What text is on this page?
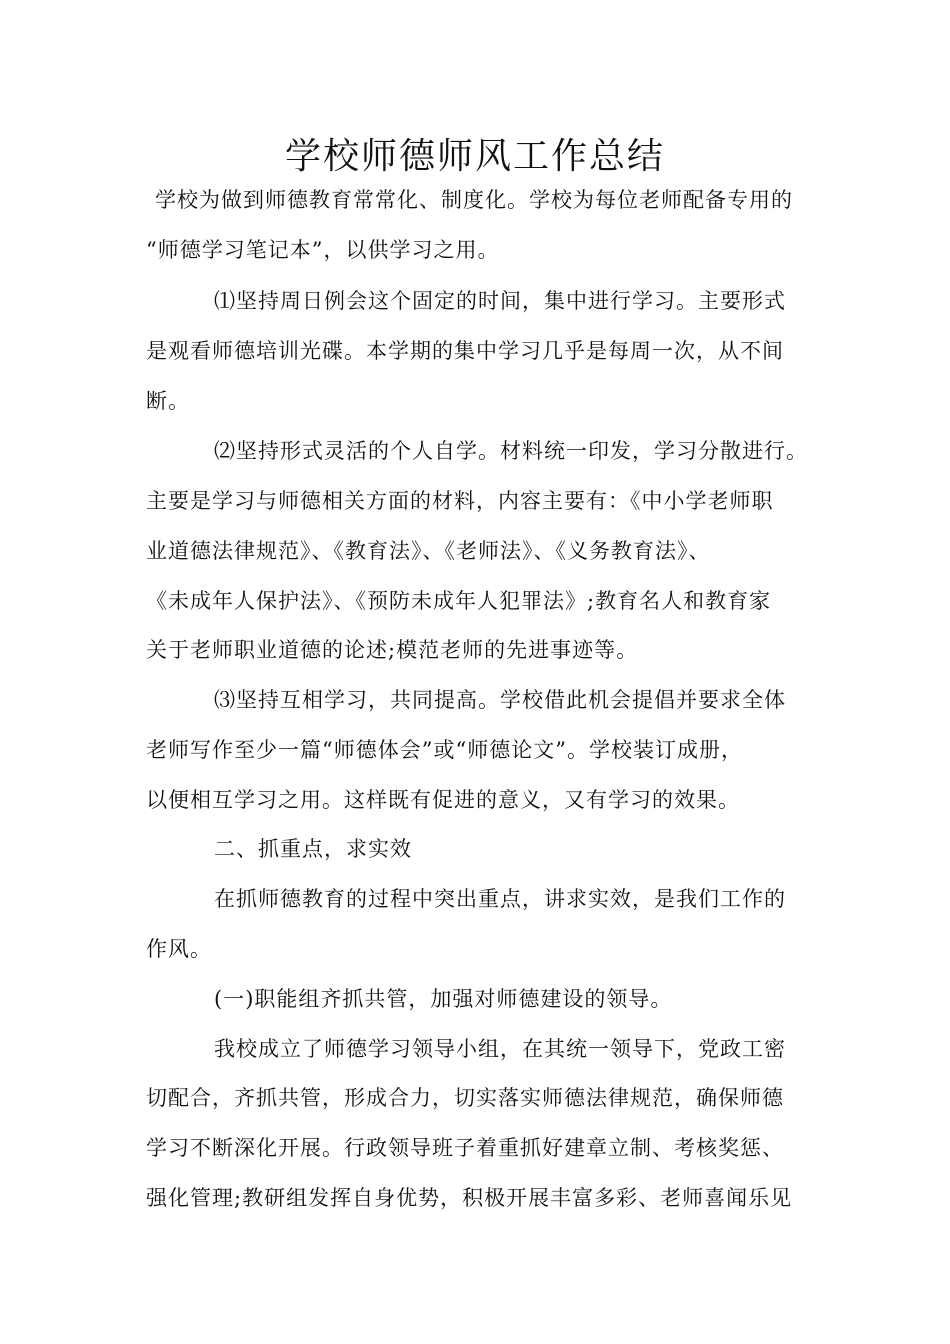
学校师德师风工作总结

学校为做到师德教育常常化、制度化。学校为每位老师配备专用的

“师德学习笔记本”，以供学习之用。

⑴坚持周日例会这个固定的时间，集中进行学习。主要形式

是观看师德培训光碟。本学期的集中学习几乎是每周一次，从不间

断。

⑵坚持形式灵活的个人自学。材料统一印发，学习分散进行。

主要是学习与师德相关方面的材料，内容主要有：《中小学老师职

业道德法律规范》、《教育法》、《老师法》、《义务教育法》、

《未成年人保护法》、《预防未成年人犯罪法》;教育名人和教育家

关于老师职业道德的论述;模范老师的先进事迹等。

⑶坚持互相学习，共同提高。学校借此机会提倡并要求全体

老师写作至少一篇“师德体会”或“师德论文”。学校装订成册，

以便相互学习之用。这样既有促进的意义，又有学习的效果。

二、抓重点，求实效

在抓师德教育的过程中突出重点，讲求实效，是我们工作的

作风。

(一)职能组齐抓共管，加强对师德建设的领导。

我校成立了师德学习领导小组，在其统一领导下，党政工密

切配合，齐抓共管，形成合力，切实落实师德法律规范，确保师德

学习不断深化开展。行政领导班子着重抓好建章立制、考核奖惩、

强化管理;教研组发挥自身优势，积极开展丰富多彩、老师喜闻乐见
